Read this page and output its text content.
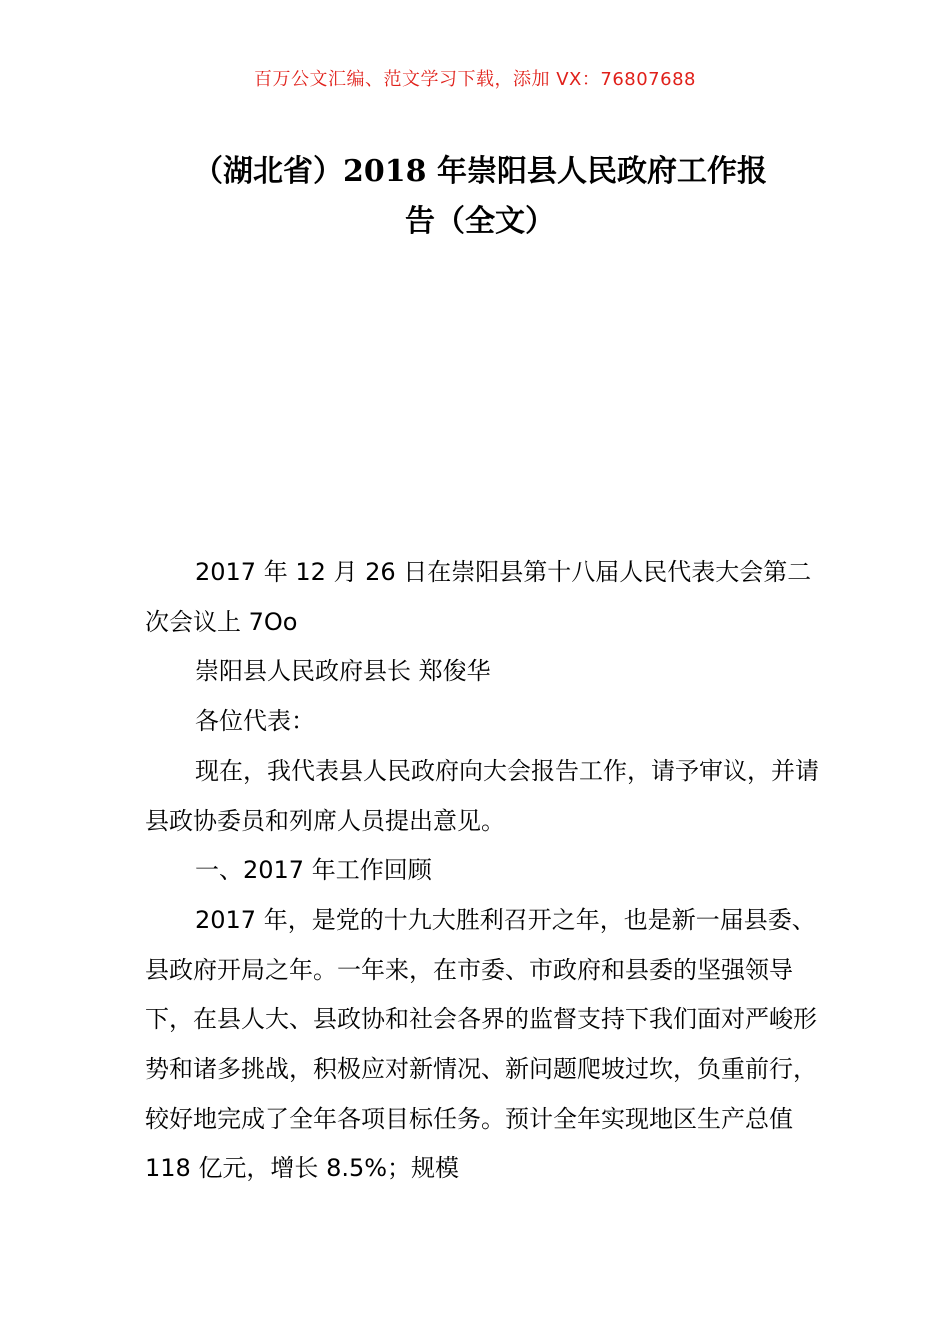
百万公文汇编、范文学习下载，添加 VX：76807688
（湖北省）2018 年崇阳县人民政府工作报
告（全文）

2017 年 12 月 26 日在崇阳县第十八届人民代表大会第二次会议上 7Oo

崇阳县人民政府县长 郑俊华

各位代表：

现在，我代表县人民政府向大会报告工作，请予审议，并请县政协委员和列席人员提出意见。

一、2017 年工作回顾

2017 年，是党的十九大胜利召开之年，也是新一届县委、县政府开局之年。一年来，在市委、市政府和县委的坚强领导下，在县人大、县政协和社会各界的监督支持下我们面对严峻形势和诸多挑战，积极应对新情况、新问题爬坡过坎，负重前行，较好地完成了全年各项目标任务。预计全年实现地区生产总值 118 亿元，增长 8.5%；规模
